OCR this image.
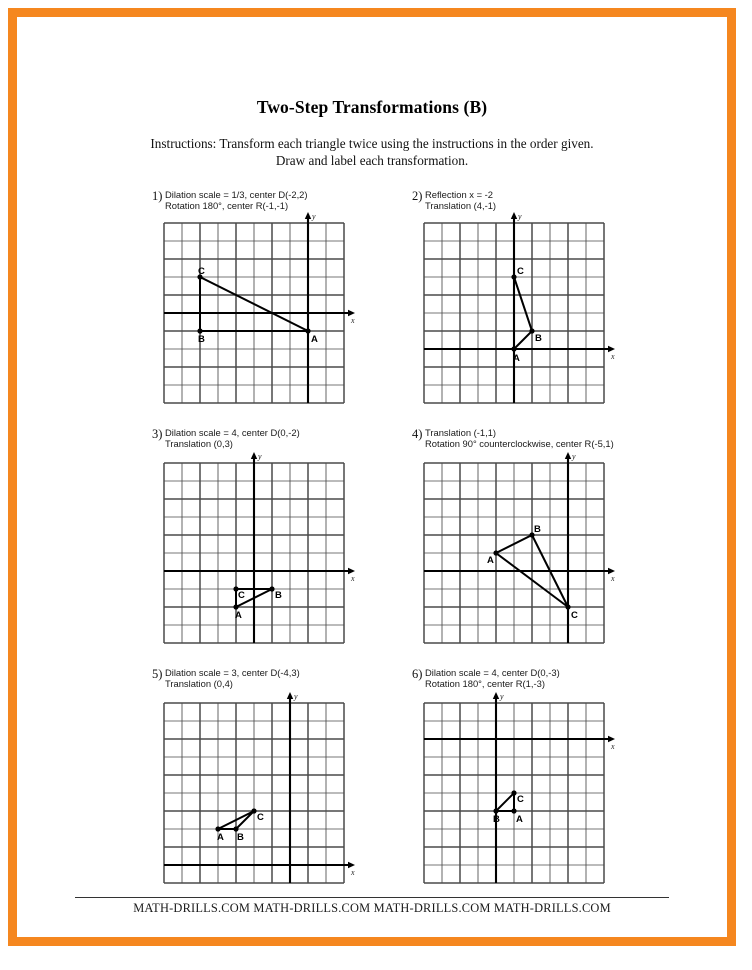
Two-Step Transformations (B)
Instructions: Transform each triangle twice using the instructions in the order given.
Draw and label each transformation.
1) Dilation scale = 1/3, center D(-2,2)
Rotation 180°, center R(-1,-1)
x
y
A
B
C
2) Reflection x = -2
Translation (4,-1)
x
y
A
B
C
3) Dilation scale = 4, center D(0,-2)
Translation (0,3)
x
y
A
B
C
4) Translation (-1,1)
Rotation 90° counterclockwise, center R(-5,1)
x
y
A
B
C
5) Dilation scale = 3, center D(-4,3)
Translation (0,4)
x
y
A B
C
6) Dilation scale = 4, center D(0,-3)
Rotation 180°, center R(1,-3)
x
y
A
B
C
MATH-DRILLS.COM MATH-DRILLS.COM MATH-DRILLS.COM MATH-DRILLS.COM
